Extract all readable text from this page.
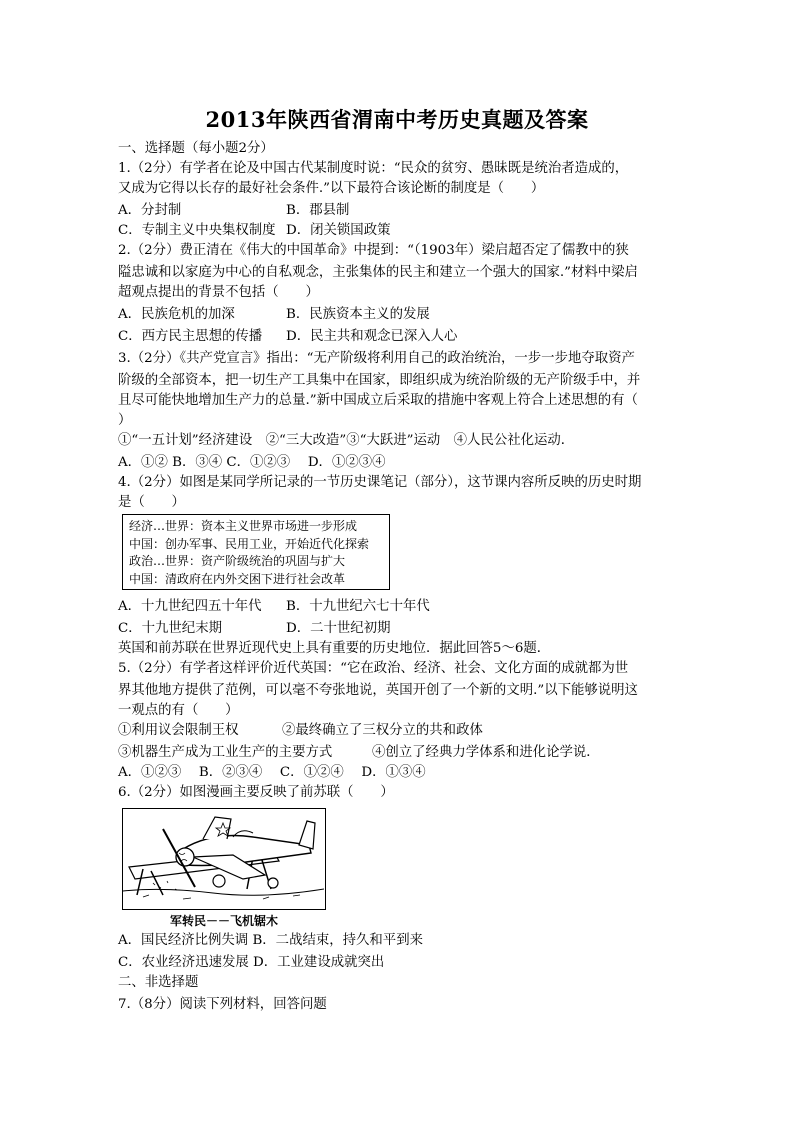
2013年陕西省渭南中考历史真题及答案
一、选择题（每小题2分）
1.（2分）有学者在论及中国古代某制度时说：“民众的贫穷、愚昧既是统治者造成的，
又成为它得以长存的最好社会条件.”以下最符合该论断的制度是（　　）
A．分封制	B．郡县制
C．专制主义中央集权制度 D．闭关锁国政策
2.（2分）费正清在《伟大的中国革命》中提到：“（1903年）梁启超否定了儒教中的狭
隘忠诚和以家庭为中心的自私观念，主张集体的民主和建立一个强大的国家.”材料中梁启
超观点提出的背景不包括（　　）
A．民族危机的加深	B．民族资本主义的发展
C．西方民主思想的传播 D．民主共和观念已深入人心
3.（2分）《共产党宣言》指出：“无产阶级将利用自己的政治统治，一步一步地夺取资产
阶级的全部资本，把一切生产工具集中在国家，即组织成为统治阶级的无产阶级手中，并
且尽可能快地增加生产力的总量.”新中国成立后采取的措施中客观上符合上述思想的有（
）
①“一五计划”经济建设　②“三大改造”③“大跃进”运动　④人民公社化运动．
A．①② B．③④ C．①②③　 D．①②③④
4.（2分）如图是某同学所记录的一节历史课笔记（部分），这节课内容所反映的历史时期
是（　　）
经济…世界：资本主义世界市场进一步形成
中国：创办军事、民用工业，开始近代化探索
政治…世界：资产阶级统治的巩固与扩大
中国：清政府在内外交困下进行社会改革
A．十九世纪四五十年代 B．十九世纪六七十年代
C．十九世纪末期	D．二十世纪初期
英国和前苏联在世界近现代史上具有重要的历史地位．据此回答5～6题．
5.（2分）有学者这样评价近代英国：“它在政治、经济、社会、文化方面的成就都为世
界其他地方提供了范例，可以毫不夸张地说，英国开创了一个新的文明.”以下能够说明这
一观点的有（　　）
①利用议会限制王权	②最终确立了三权分立的共和政体
③机器生产成为工业生产的主要方式	④创立了经典力学体系和进化论学说．
A．①②③　 B．②③④　 C．①②④　 D．①③④
6.（2分）如图漫画主要反映了前苏联（　　）
军转民－－飞机锯木
A．国民经济比例失调 B．二战结束，持久和平到来
C．农业经济迅速发展 D．工业建设成就突出
二、非选择题
7.（8分）阅读下列材料，回答问题
